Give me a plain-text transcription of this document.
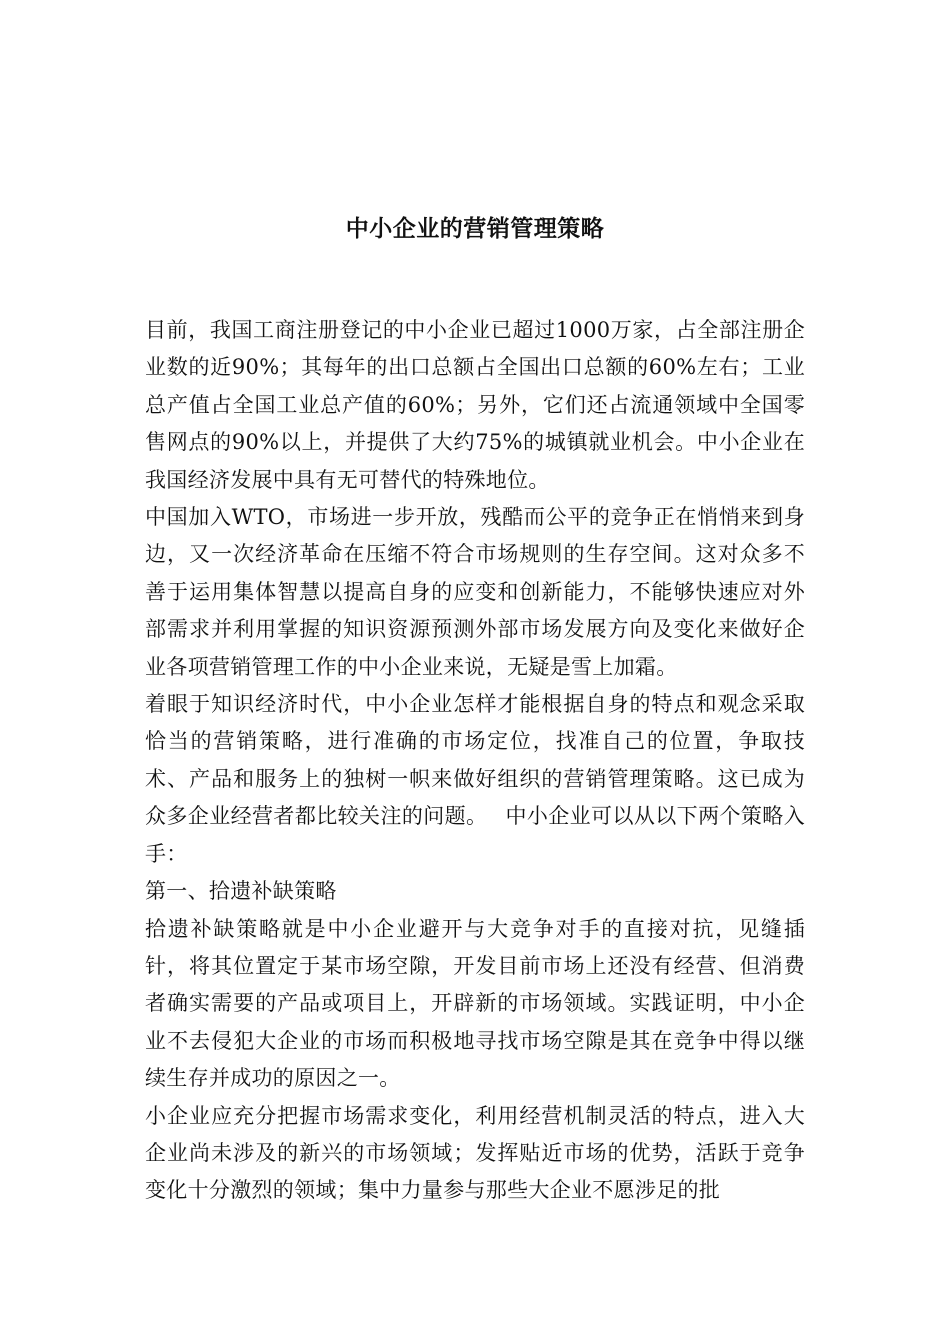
中小企业的营销管理策略

目前，我国工商注册登记的中小企业已超过1000万家，占全部注册企业数的近90%；其每年的出口总额占全国出口总额的60%左右；工业总产值占全国工业总产值的60%；另外，它们还占流通领域中全国零售网点的90%以上，并提供了大约75%的城镇就业机会。中小企业在我国经济发展中具有无可替代的特殊地位。

中国加入WTO，市场进一步开放，残酷而公平的竞争正在悄悄来到身边，又一次经济革命在压缩不符合市场规则的生存空间。这对众多不善于运用集体智慧以提高自身的应变和创新能力，不能够快速应对外部需求并利用掌握的知识资源预测外部市场发展方向及变化来做好企业各项营销管理工作的中小企业来说，无疑是雪上加霜。

着眼于知识经济时代，中小企业怎样才能根据自身的特点和观念采取恰当的营销策略，进行准确的市场定位，找准自己的位置，争取技术、产品和服务上的独树一帜来做好组织的营销管理策略。这已成为众多企业经营者都比较关注的问题。　 中小企业可以从以下两个策略入手：

第一、拾遗补缺策略

拾遗补缺策略就是中小企业避开与大竞争对手的直接对抗，见缝插针，将其位置定于某市场空隙，开发目前市场上还没有经营、但消费者确实需要的产品或项目上，开辟新的市场领域。实践证明，中小企业不去侵犯大企业的市场而积极地寻找市场空隙是其在竞争中得以继续生存并成功的原因之一。

小企业应充分把握市场需求变化，利用经营机制灵活的特点，进入大企业尚未涉及的新兴的市场领域；发挥贴近市场的优势，活跃于竞争变化十分激烈的领域；集中力量参与那些大企业不愿涉足的批
